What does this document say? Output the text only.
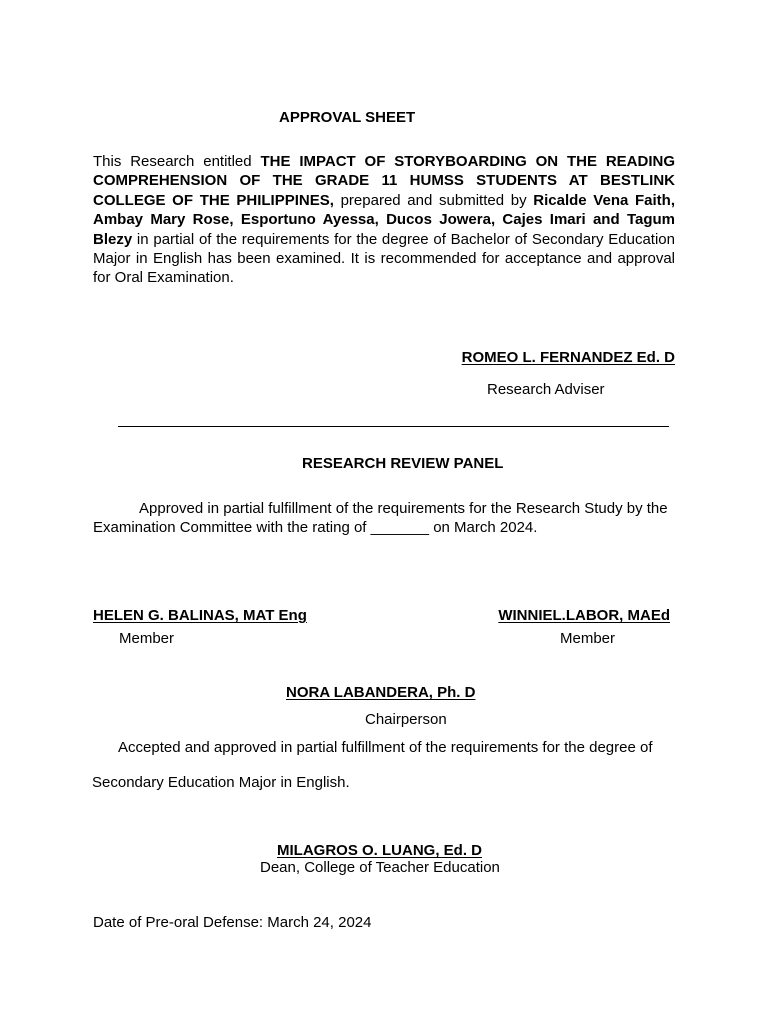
APPROVAL SHEET
This Research entitled THE IMPACT OF STORYBOARDING ON THE READING COMPREHENSION OF THE GRADE 11 HUMSS STUDENTS AT BESTLINK COLLEGE OF THE PHILIPPINES, prepared and submitted by Ricalde Vena Faith, Ambay Mary Rose, Esportuno Ayessa, Ducos Jowera, Cajes Imari and Tagum Blezy in partial of the requirements for the degree of Bachelor of Secondary Education Major in English has been examined. It is recommended for acceptance and approval for Oral Examination.
ROMEO L. FERNANDEZ Ed. D
Research Adviser
RESEARCH REVIEW PANEL
Approved in partial fulfillment of the requirements for the Research Study by the Examination Committee with the rating of _______ on March 2024.
HELEN G. BALINAS, MAT Eng
Member
WINNIEL.LABOR, MAEd
Member
NORA LABANDERA, Ph. D
Chairperson
Accepted and approved in partial fulfillment of the requirements for the degree of
Secondary Education Major in English.
MILAGROS O. LUANG, Ed. D
Dean, College of Teacher Education
Date of Pre-oral Defense: March 24, 2024
